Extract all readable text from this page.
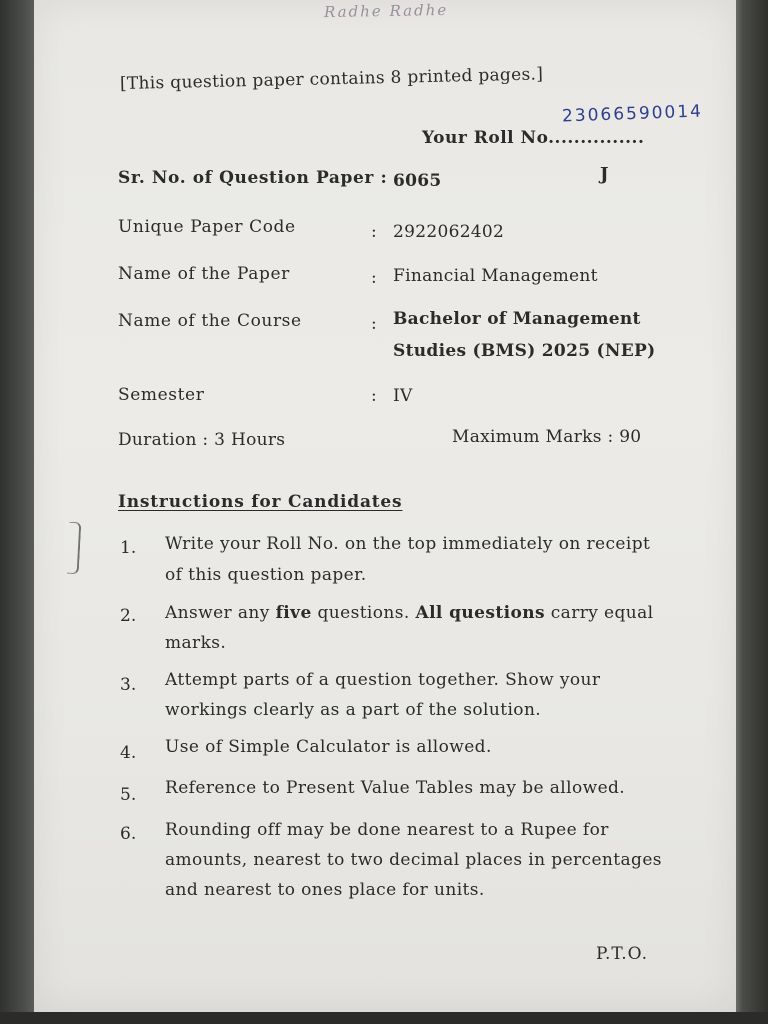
Radhe Radhe
[This question paper contains 8 printed pages.]
23066590014
Your Roll No...............
Sr. No. of Question Paper : 6065	J
Unique Paper Code	: 2922062402
Name of the Paper	: Financial Management
Name of the Course	: Bachelor of Management
Studies (BMS) 2025 (NEP)
Semester	: IV
Duration : 3 Hours	Maximum Marks : 90
Instructions for Candidates
1. Write your Roll No. on the top immediately on receipt
of this question paper.
2. Answer any five questions. All questions carry equal
marks.
3. Attempt parts of a question together. Show your
workings clearly as a part of the solution.
4. Use of Simple Calculator is allowed.
5. Reference to Present Value Tables may be allowed.
6. Rounding off may be done nearest to a Rupee for
amounts, nearest to two decimal places in percentages
and nearest to ones place for units.
P.T.O.
